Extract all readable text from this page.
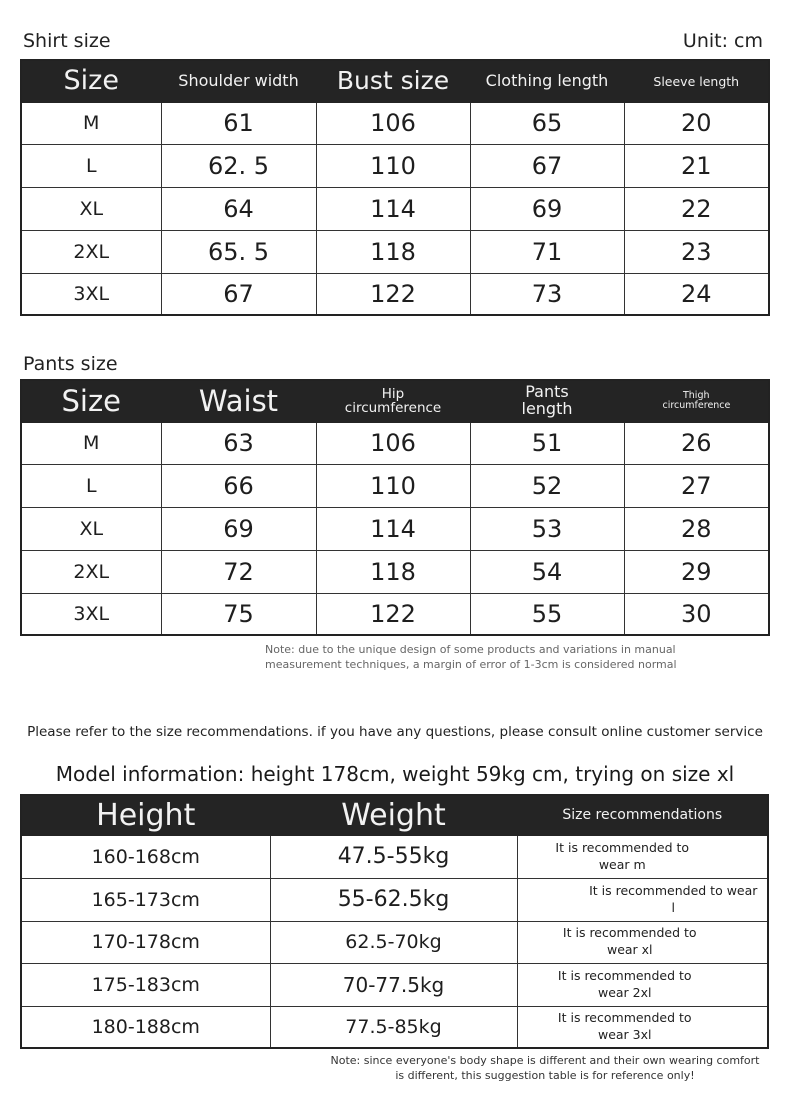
Shirt size	Unit: cm
Size	Shoulder width	Bust size	Clothing length	Sleeve length
M	61	106	65	20
L	62. 5	110	67	21
XL	64	114	69	22
2XL	65. 5	118	71	23
3XL	67	122	73	24
Pants size
Size	Waist	Hip circumference	Pants length	Thigh circumference
M	63	106	51	26
L	66	110	52	27
XL	69	114	53	28
2XL	72	118	54	29
3XL	75	122	55	30
Note: due to the unique design of some products and variations in manual measurement techniques, a margin of error of 1-3cm is considered normal
Please refer to the size recommendations. if you have any questions, please consult online customer service
Model information: height 178cm, weight 59kg cm, trying on size xl
Height	Weight	Size recommendations
160-168cm	47.5-55kg	It is recommended to wear m
165-173cm	55-62.5kg	It is recommended to wear l
170-178cm	62.5-70kg	It is recommended to wear xl
175-183cm	70-77.5kg	It is recommended to wear 2xl
180-188cm	77.5-85kg	It is recommended to wear 3xl
Note: since everyone's body shape is different and their own wearing comfort is different, this suggestion table is for reference only!
